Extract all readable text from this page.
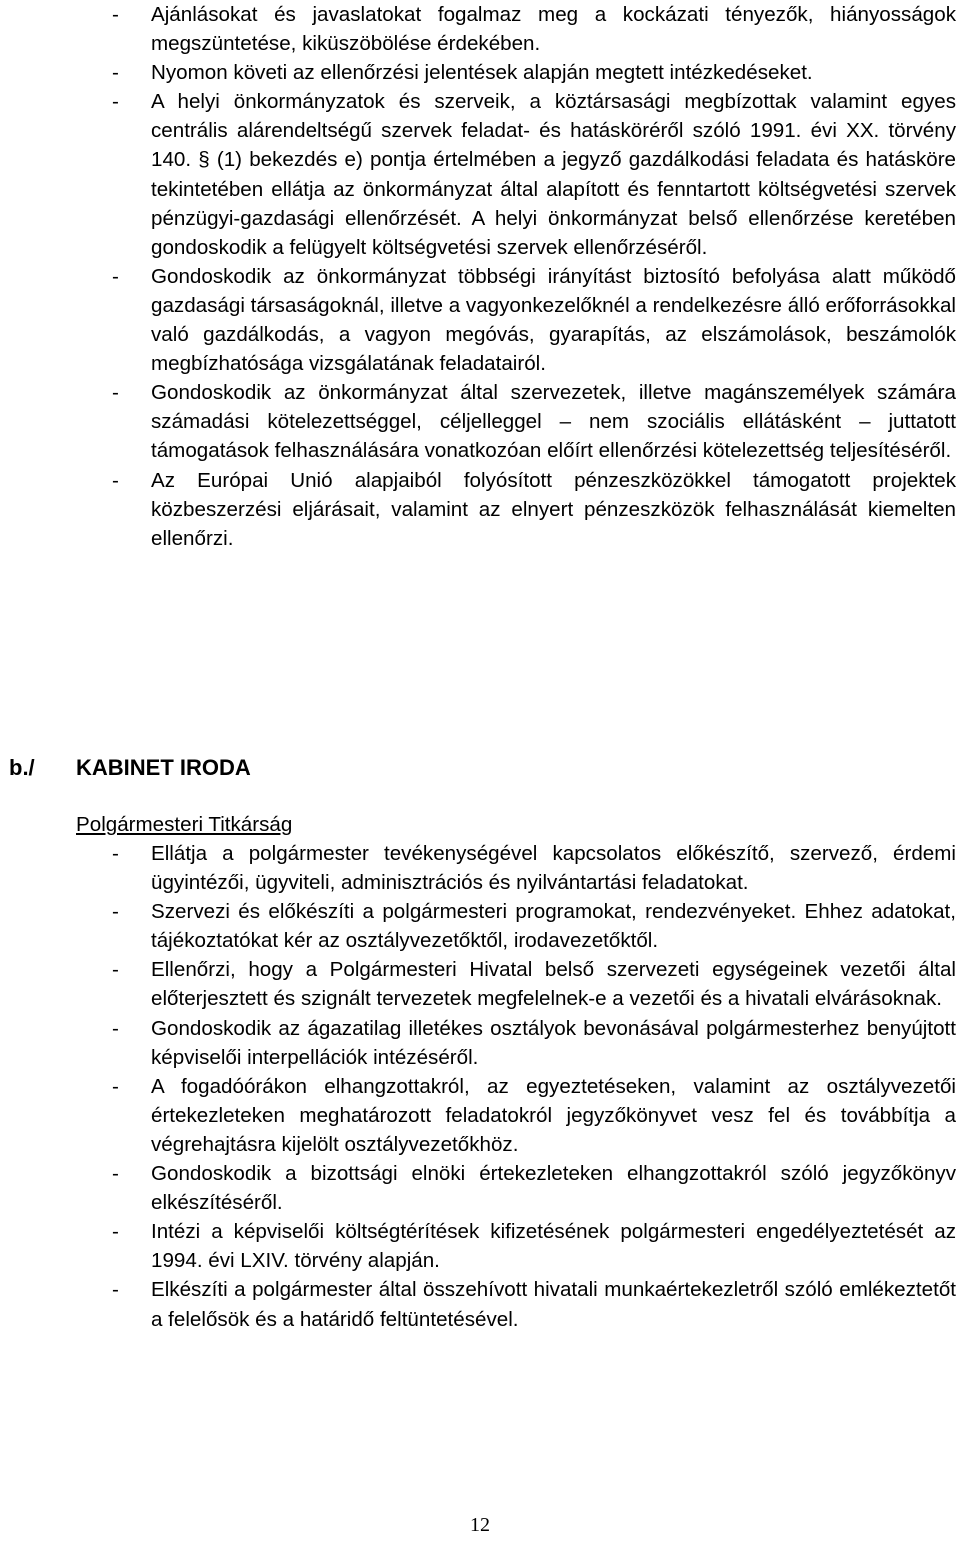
-	Ajánlásokat és javaslatokat fogalmaz meg a kockázati tényezők, hiányosságok megszüntetése, kiküszöbölése érdekében.
-	Nyomon követi az ellenőrzési jelentések alapján megtett intézkedéseket.
-	A helyi önkormányzatok és szerveik, a köztársasági megbízottak valamint egyes centrális alárendeltségű szervek feladat- és hatásköréről szóló 1991. évi XX. törvény 140. § (1) bekezdés e) pontja értelmében a jegyző gazdálkodási feladata és hatásköre tekintetében ellátja az önkormányzat által alapított és fenntartott költségvetési szervek pénzügyi-gazdasági ellenőrzését. A helyi önkormányzat belső ellenőrzése keretében gondoskodik a felügyelt költségvetési szervek ellenőrzéséről.
-	Gondoskodik az önkormányzat többségi irányítást biztosító befolyása alatt működő gazdasági társaságoknál, illetve a vagyonkezelőknél a rendelkezésre álló erőforrásokkal való gazdálkodás, a vagyon megóvás, gyarapítás, az elszámolások, beszámolók megbízhatósága vizsgálatának feladatairól.
-	Gondoskodik az önkormányzat által szervezetek, illetve magánszemélyek számára számadási kötelezettséggel, céljelleggel – nem szociális ellátásként – juttatott támogatások felhasználására vonatkozóan előírt ellenőrzési kötelezettség teljesítéséről.
-	Az Európai Unió alapjaiból folyósított pénzeszközökkel támogatott projektek közbeszerzési eljárásait, valamint az elnyert pénzeszközök felhasználását kiemelten ellenőrzi.
b./ KABINET IRODA
Polgármesteri Titkárság
-	Ellátja a polgármester tevékenységével kapcsolatos előkészítő, szervező, érdemi ügyintézői, ügyviteli, adminisztrációs és nyilvántartási feladatokat.
-	Szervezi és előkészíti a polgármesteri programokat, rendezvényeket. Ehhez adatokat, tájékoztatókat kér az osztályvezetőktől, irodavezetőktől.
-	Ellenőrzi, hogy a Polgármesteri Hivatal belső szervezeti egységeinek vezetői által előterjesztett és szignált tervezetek megfelelnek-e a vezetői és a hivatali elvárásoknak.
-	Gondoskodik az ágazatilag illetékes osztályok bevonásával polgármesterhez benyújtott képviselői interpellációk intézéséről.
-	A fogadóórákon elhangzottakról, az egyeztetéseken, valamint az osztályvezetői értekezleteken meghatározott feladatokról jegyzőkönyvet vesz fel és továbbítja a végrehajtásra kijelölt osztályvezetőkhöz.
-	Gondoskodik a bizottsági elnöki értekezleteken elhangzottakról szóló jegyzőkönyv elkészítéséről.
-	Intézi a képviselői költségtérítések kifizetésének polgármesteri engedélyeztetését az 1994. évi LXIV. törvény alapján.
-	Elkészíti a polgármester által összehívott hivatali munkaértekezletről szóló emlékeztetőt a felelősök és a határidő feltüntetésével.
12
